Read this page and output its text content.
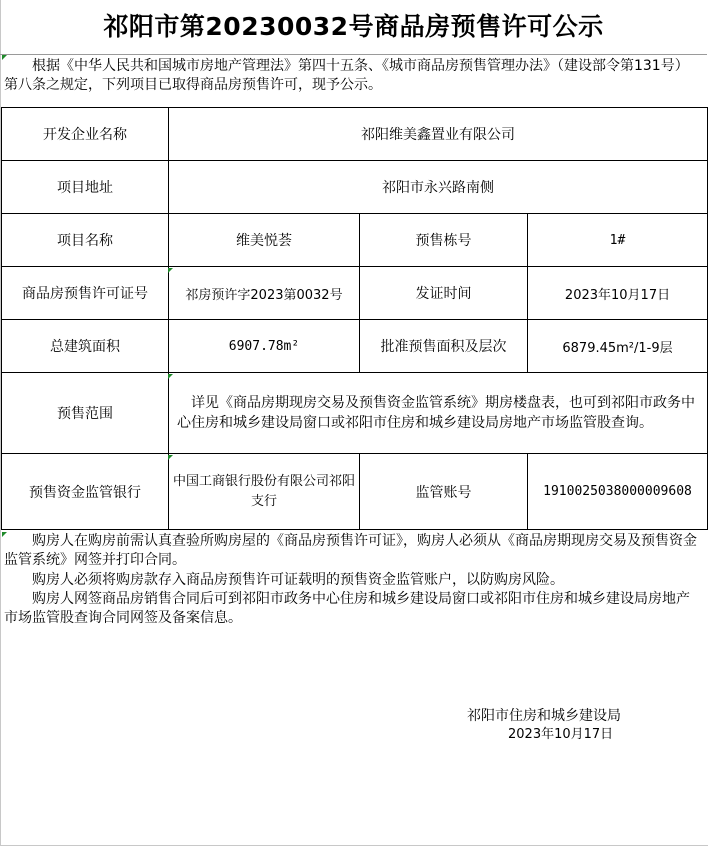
祁阳市第20230032号商品房预售许可公示
根据《中华人民共和国城市房地产管理法》第四十五条、《城市商品房预售管理办法》（建设部令第131号）第八条之规定，下列项目已取得商品房预售许可，现予公示。
开发企业名称	祁阳维美鑫置业有限公司		
项目地址	祁阳市永兴路南侧		
项目名称	维美悦荟	预售栋号	1#
商品房预售许可证号	祁房预许字2023第0032号	发证时间	2023年10月17日
总建筑面积	6907.78m²	批准预售面积及层次	6879.45m²/1-9层
预售范围	详见《商品房期现房交易及预售资金监管系统》期房楼盘表，也可到祁阳市政务中心住房和城乡建设局窗口或祁阳市住房和城乡建设局房地产市场监管股查询。		
预售资金监管银行	中国工商银行股份有限公司祁阳支行	监管账号	1910025038000009608
购房人在购房前需认真查验所购房屋的《商品房预售许可证》，购房人必须从《商品房期现房交易及预售资金监管系统》网签并打印合同。
购房人必须将购房款存入商品房预售许可证载明的预售资金监管账户，以防购房风险。
购房人网签商品房销售合同后可到祁阳市政务中心住房和城乡建设局窗口或祁阳市住房和城乡建设局房地产市场监管股查询合同网签及备案信息。
祁阳市住房和城乡建设局
2023年10月17日
